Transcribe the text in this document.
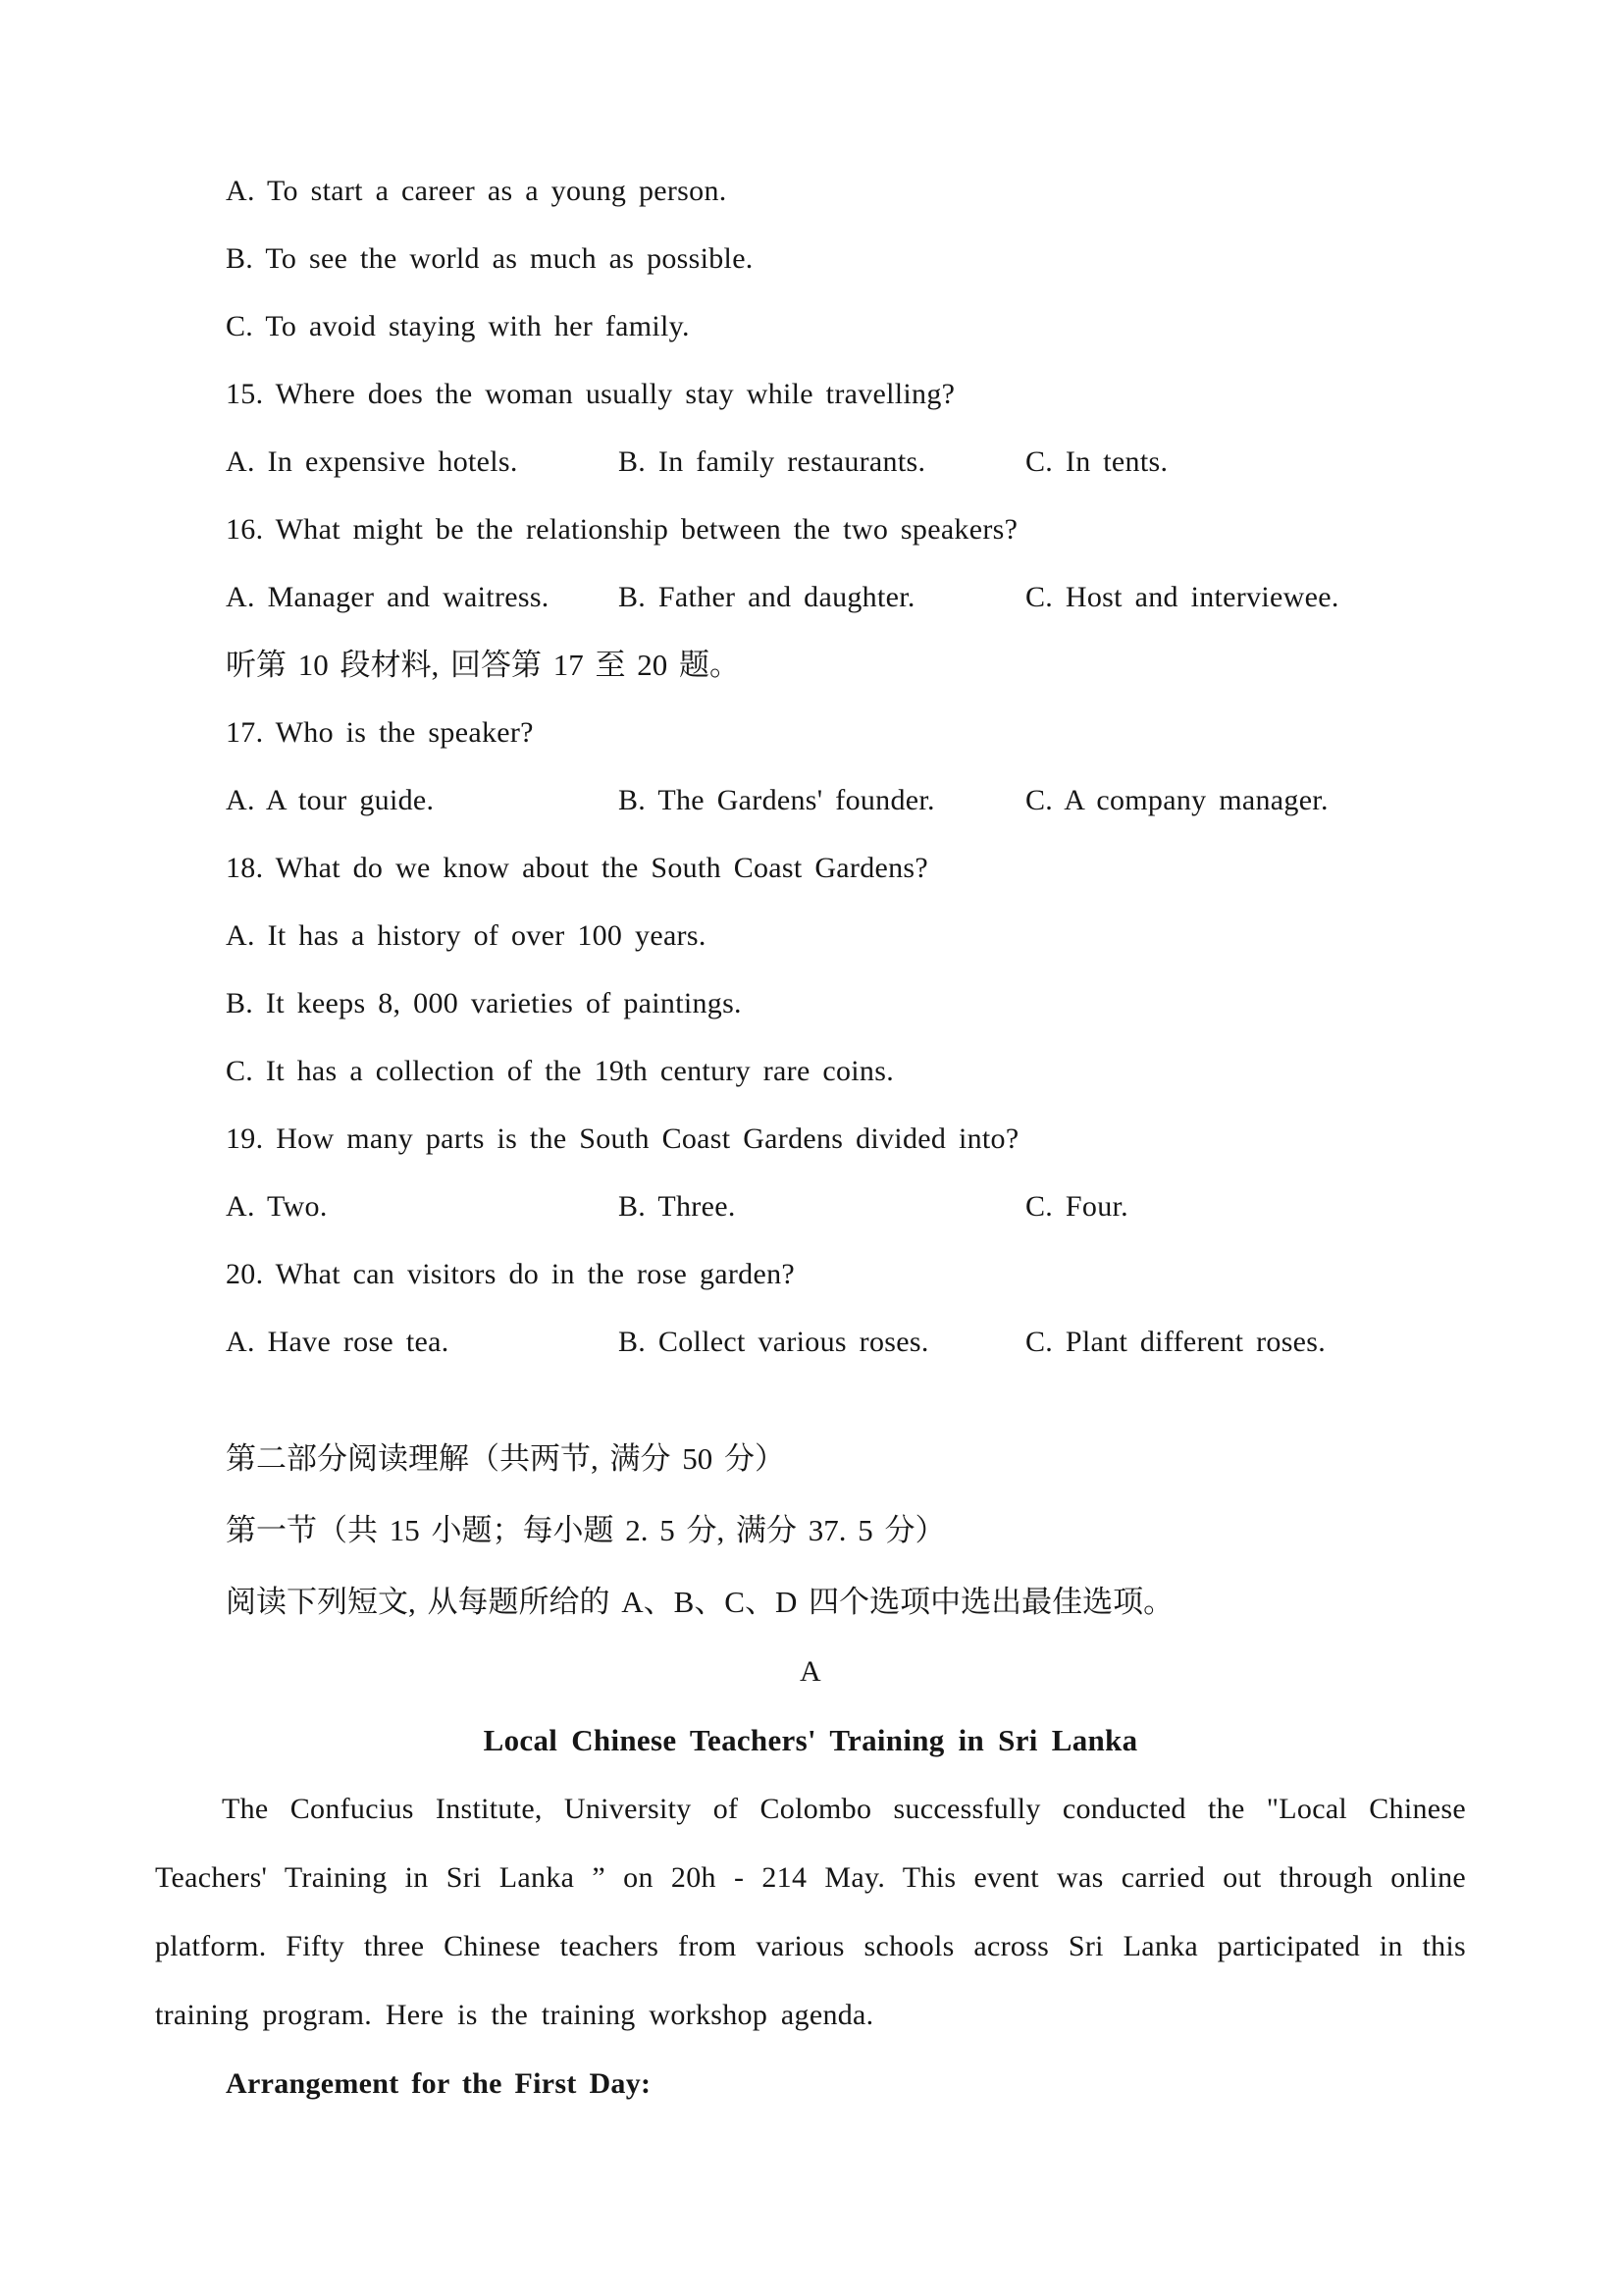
A. To start a career as a young person.
B. To see the world as much as possible.
C. To avoid staying with her family.
15. Where does the woman usually stay while travelling?
A. In expensive hotels.	B. In family restaurants.	C. In tents.
16. What might be the relationship between the two speakers?
A. Manager and waitress.	B. Father and daughter.	C. Host and interviewee.
听第 10 段材料, 回答第 17 至 20 题。
17. Who is the speaker?
A. A tour guide.	B. The Gardens' founder.	C. A company manager.
18. What do we know about the South Coast Gardens?
A. It has a history of over 100 years.
B. It keeps 8, 000 varieties of paintings.
C. It has a collection of the 19th century rare coins.
19. How many parts is the South Coast Gardens divided into?
A. Two.	B. Three.	C. Four.
20. What can visitors do in the rose garden?
A. Have rose tea.	B. Collect various roses.	C. Plant different roses.
第二部分阅读理解（共两节, 满分 50 分）
第一节（共 15 小题；每小题 2. 5 分, 满分 37. 5 分）
阅读下列短文, 从每题所给的 A、B、C、D 四个选项中选出最佳选项。
A
Local Chinese Teachers' Training in Sri Lanka
The Confucius Institute, University of Colombo successfully conducted the "Local Chinese
Teachers' Training in Sri Lanka ” on 20h - 214 May. This event was carried out through online
platform. Fifty three Chinese teachers from various schools across Sri Lanka participated in this
training program. Here is the training workshop agenda.
Arrangement for the First Day:
